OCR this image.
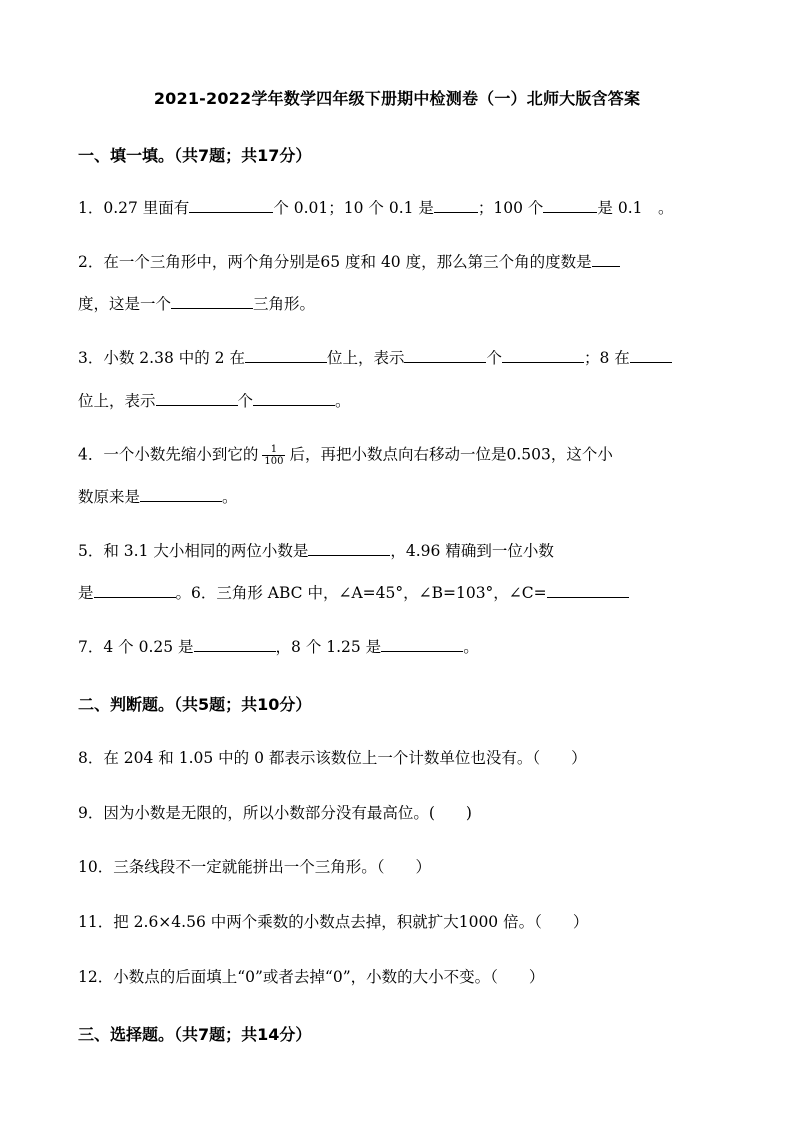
2021-2022学年数学四年级下册期中检测卷（一）北师大版含答案
一、填一填。（共7题；共17分）
1．0.27 里面有	个 0.01；10 个 0.1 是	；100 个	是 0.1　。
2．在一个三角形中，两个角分别是65 度和 40 度，那么第三个角的度数是
度，这是一个	三角形。
3．小数 2.38 中的 2 在	位上，表示	个	；8 在
位上，表示	个	。
4．一个小数先缩小到它的 $\frac{1}{100}$ 后，再把小数点向右移动一位是0.503，这个小
数原来是	。
5．和 3.1 大小相同的两位小数是	，4.96 精确到一位小数
是	。6．三角形 ABC 中，∠A=45°，∠B=103°，∠C=
7．4 个 0.25 是	，8 个 1.25 是	。
二、判断题。（共5题；共10分）
8．在 204 和 1.05 中的 0 都表示该数位上一个计数单位也没有。（　　）
9．因为小数是无限的，所以小数部分没有最高位。(　　)
10．三条线段不一定就能拼出一个三角形。（　　）
11．把 2.6×4.56 中两个乘数的小数点去掉，积就扩大1000 倍。（　　）
12．小数点的后面填上“0”或者去掉“0”，小数的大小不变。（　　）
三、选择题。（共7题；共14分）
